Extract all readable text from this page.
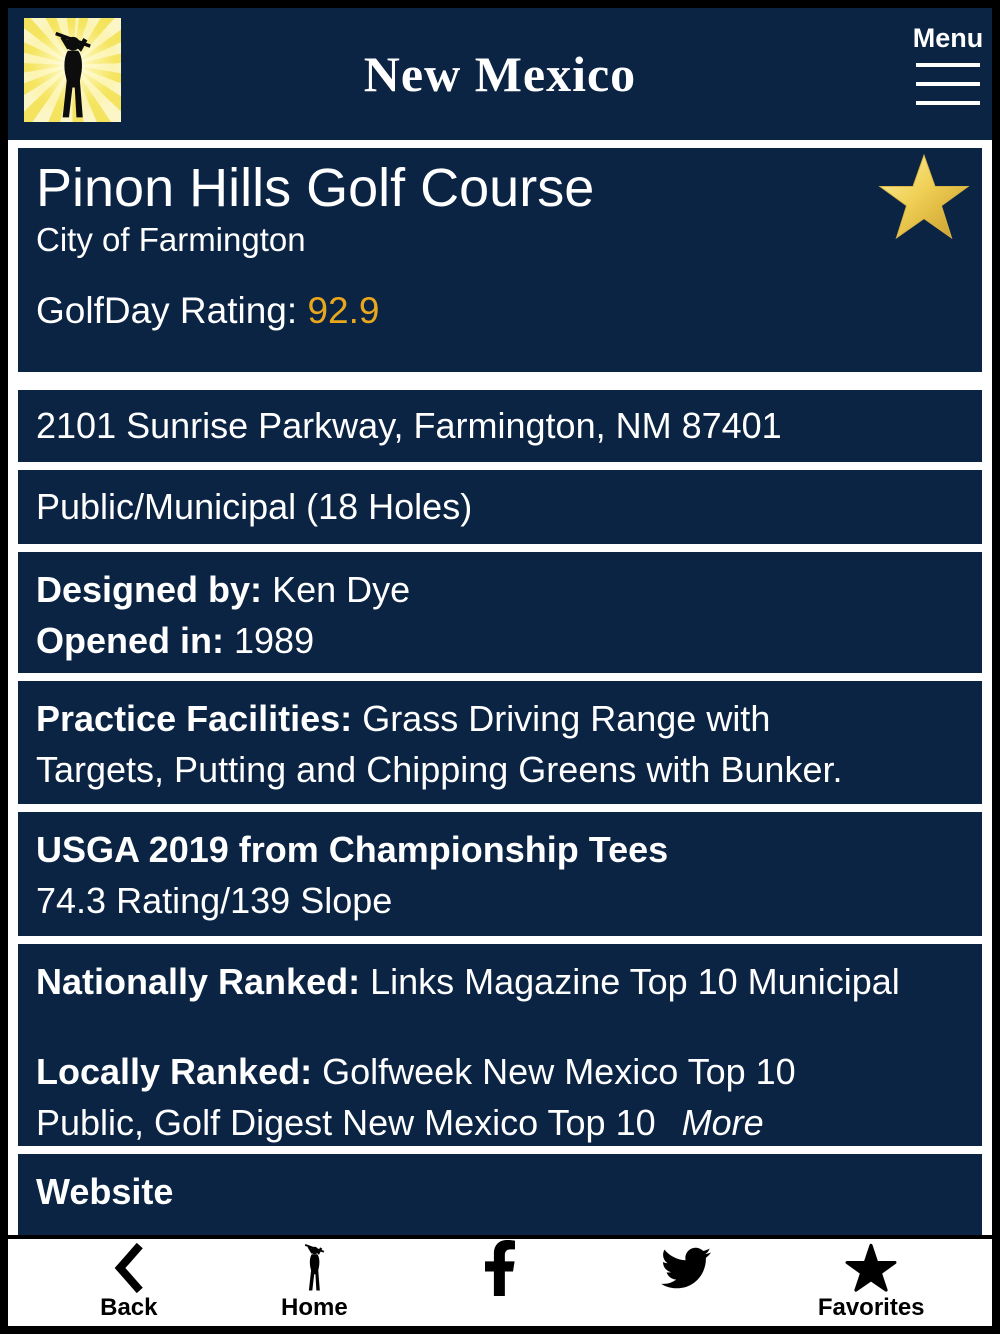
New Mexico
Menu
Pinon Hills Golf Course
City of Farmington
GolfDay Rating: 92.9
2101 Sunrise Parkway, Farmington, NM 87401
Public/Municipal (18 Holes)
Designed by: Ken Dye
Opened in: 1989
Practice Facilities: Grass Driving Range with
Targets, Putting and Chipping Greens with Bunker.
USGA 2019 from Championship Tees
74.3 Rating/139 Slope
Nationally Ranked: Links Magazine Top 10 Municipal
Locally Ranked: Golfweek New Mexico Top 10
Public, Golf Digest New Mexico Top 10 More
Website
Back	Home	Favorites
